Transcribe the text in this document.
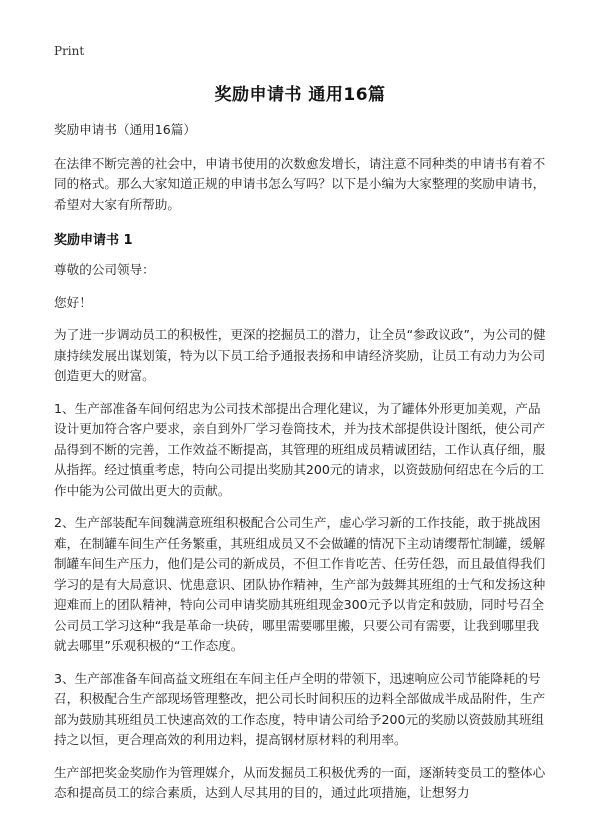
Print
奖励申请书 通用16篇

奖励申请书（通用16篇）

在法律不断完善的社会中，申请书使用的次数愈发增长，请注意不同种类的申请书有着不同的格式。那么大家知道正规的申请书怎么写吗？以下是小编为大家整理的奖励申请书，希望对大家有所帮助。

奖励申请书 1

尊敬的公司领导：

您好！

为了进一步调动员工的积极性，更深的挖掘员工的潜力，让全员“参政议政”，为公司的健康持续发展出谋划策，特为以下员工给予通报表扬和申请经济奖励，让员工有动力为公司创造更大的财富。

1、生产部准备车间何绍忠为公司技术部提出合理化建议，为了罐体外形更加美观，产品设计更加符合客户要求，亲自到外厂学习卷筒技术，并为技术部提供设计图纸，使公司产品得到不断的完善，工作效益不断提高，其管理的班组成员精诚团结，工作认真仔细，服从指挥。经过慎重考虑，特向公司提出奖励其200元的请求，以资鼓励何绍忠在今后的工作中能为公司做出更大的贡献。

2、生产部装配车间魏满意班组积极配合公司生产，虚心学习新的工作技能，敢于挑战困难，在制罐车间生产任务繁重，其班组成员又不会做罐的情况下主动请缨帮忙制罐，缓解制罐车间生产压力，他们是公司的新成员，不但工作肯吃苦、任劳任怨，而且最值得我们学习的是有大局意识、忧患意识、团队协作精神，生产部为鼓舞其班组的士气和发扬这种迎难而上的团队精神，特向公司申请奖励其班组现金300元予以肯定和鼓励，同时号召全公司员工学习这种“我是革命一块砖，哪里需要哪里搬，只要公司有需要，让我到哪里我就去哪里”乐观积极的“工作态度。

3、生产部准备车间高益文班组在车间主任卢全明的带领下，迅速响应公司节能降耗的号召，积极配合生产部现场管理整改，把公司长时间积压的边料全部做成半成品附件，生产部为鼓励其班组员工快速高效的工作态度，特申请公司给予200元的奖励以资鼓励其班组持之以恒，更合理高效的利用边料，提高钢材原材料的利用率。

生产部把奖金奖励作为管理媒介，从而发掘员工积极优秀的一面，逐渐转变员工的整体心态和提高员工的综合素质，达到人尽其用的目的，通过此项措施，让想努力
